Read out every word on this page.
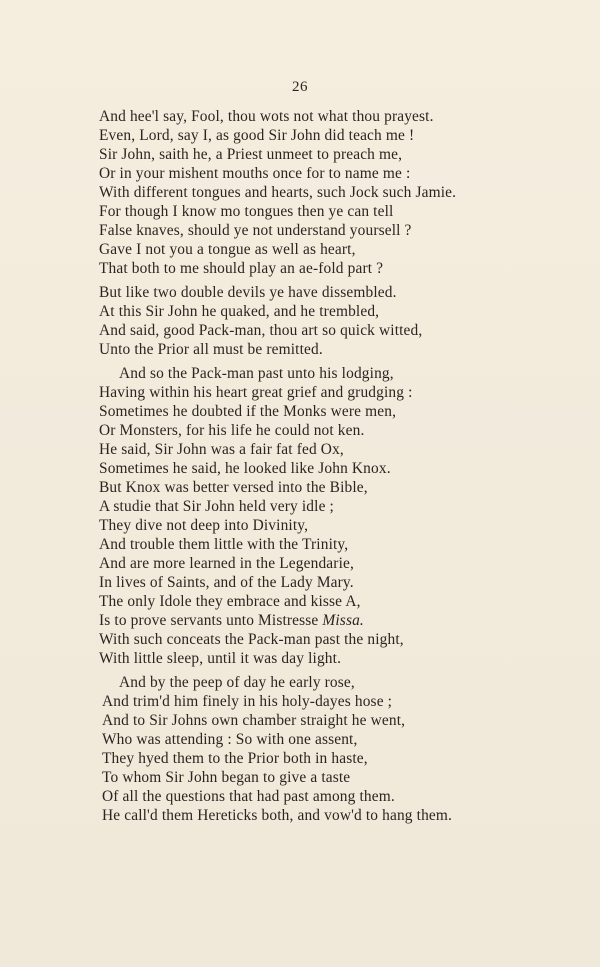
26
And hee'l say, Fool, thou wots not what thou prayest.
Even, Lord, say I, as good Sir John did teach me !
Sir John, saith he, a Priest unmeet to preach me,
Or in your mishent mouths once for to name me :
With different tongues and hearts, such Jock such Jamie.
For though I know mo tongues then ye can tell
False knaves, should ye not understand yoursell ?
Gave I not you a tongue as well as heart,
That both to me should play an ae-fold part ?
But like two double devils ye have dissembled.
At this Sir John he quaked, and he trembled,
And said, good Pack-man, thou art so quick witted,
Unto the Prior all must be remitted.
And so the Pack-man past unto his lodging,
Having within his heart great grief and grudging :
Sometimes he doubted if the Monks were men,
Or Monsters, for his life he could not ken.
He said, Sir John was a fair fat fed Ox,
Sometimes he said, he looked like John Knox.
But Knox was better versed into the Bible,
A studie that Sir John held very idle ;
They dive not deep into Divinity,
And trouble them little with the Trinity,
And are more learned in the Legendarie,
In lives of Saints, and of the Lady Mary.
The only Idole they embrace and kisse A,
Is to prove servants unto Mistresse Missa.
With such conceats the Pack-man past the night,
With little sleep, until it was day light.
And by the peep of day he early rose,
And trim'd him finely in his holy-dayes hose ;
And to Sir Johns own chamber straight he went,
Who was attending : So with one assent,
They hyed them to the Prior both in haste,
To whom Sir John began to give a taste
Of all the questions that had past among them.
He call'd them Hereticks both, and vow'd to hang them.
